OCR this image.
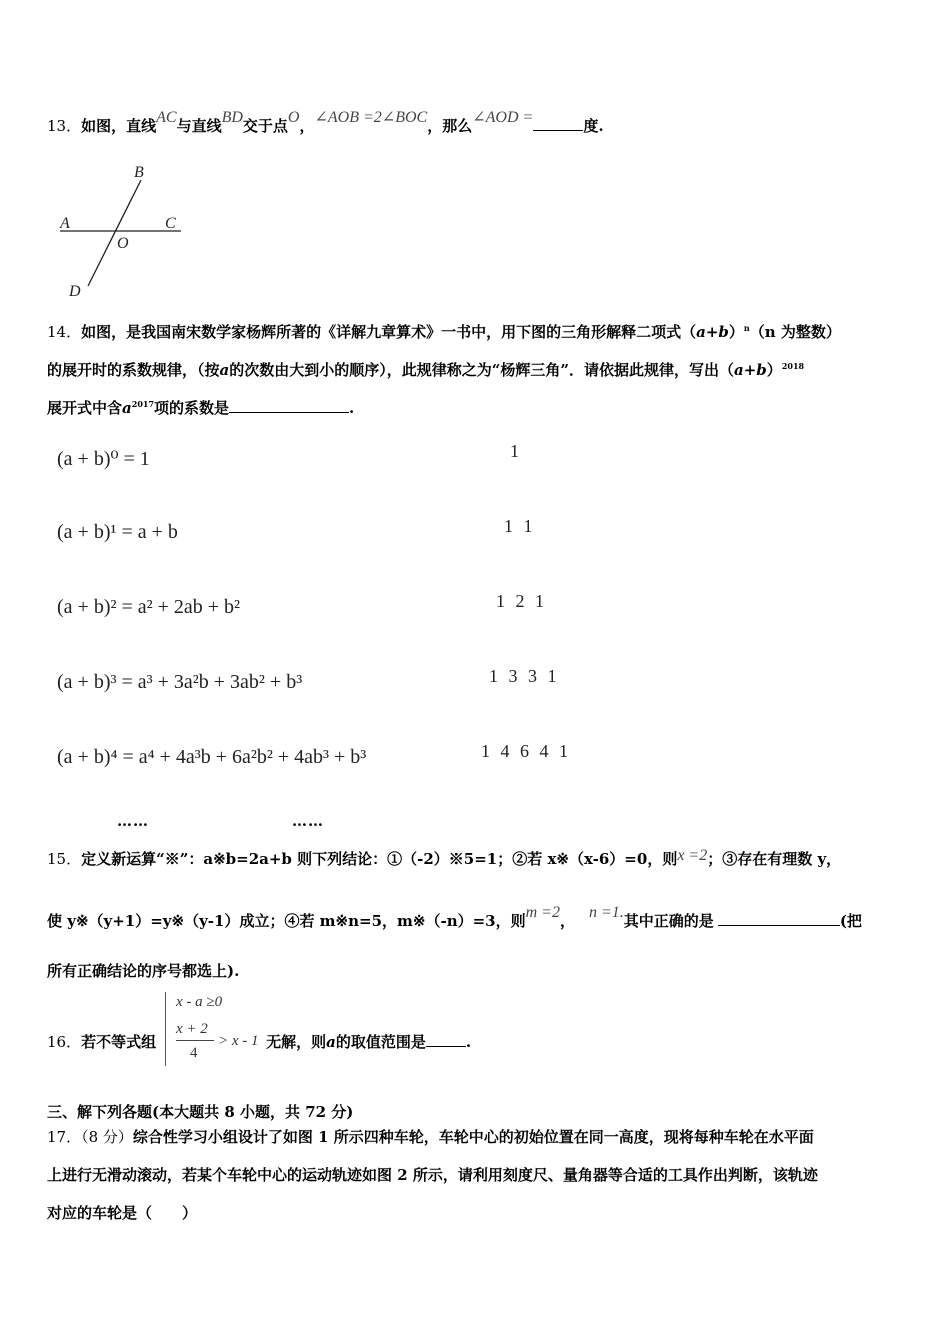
13．如图，直线AC与直线BD交于点O，∠AOB =2∠BOC，那么∠AOD =	度.
B
A	C
O
D
14．如图，是我国南宋数学家杨辉所著的《详解九章算术》一书中，用下图的三角形解释二项式$(a+b)^n(n$ 为整数）
的展开时的系数规律，（按a的次数由大到小的顺序），此规律称之为“杨辉三角”．请依据此规律，写出$(a+b)^{2018}$
展开式中含$a^{2017}$项的系数是	.
(a + b)⁰ = 1	1
(a + b)¹ = a + b	1 1
(a + b)² = a² + 2ab + b²	1 2 1
(a + b)³ = a³ + 3a²b + 3ab² + b³	1 3 3 1
(a + b)⁴ = a⁴ + 4a³b + 6a²b² + 4ab³ + b³	1 4 6 4 1
……	……
15．定义新运算“※”：a※b=2a+b 则下列结论：①（-2）※5=1；②若 x※（x-6）=0，则x =2；③存在有理数 y，
使 y※（y+1）=y※（y-1）成立；④若 m※n=5，m※（-n）=3，则m =2， n =1.其中正确的是	(把
所有正确结论的序号都选上).
16．若不等式组	无解，则a的取值范围是	.
x - a ≥0
x + 2
4
> x - 1
三、解下列各题(本大题共 8 小题，共 72 分)
17．（8 分）综合性学习小组设计了如图 1 所示四种车轮，车轮中心的初始位置在同一高度，现将每种车轮在水平面
上进行无滑动滚动，若某个车轮中心的运动轨迹如图 2 所示，请利用刻度尺、量角器等合适的工具作出判断，该轨迹
对应的车轮是（　　）
